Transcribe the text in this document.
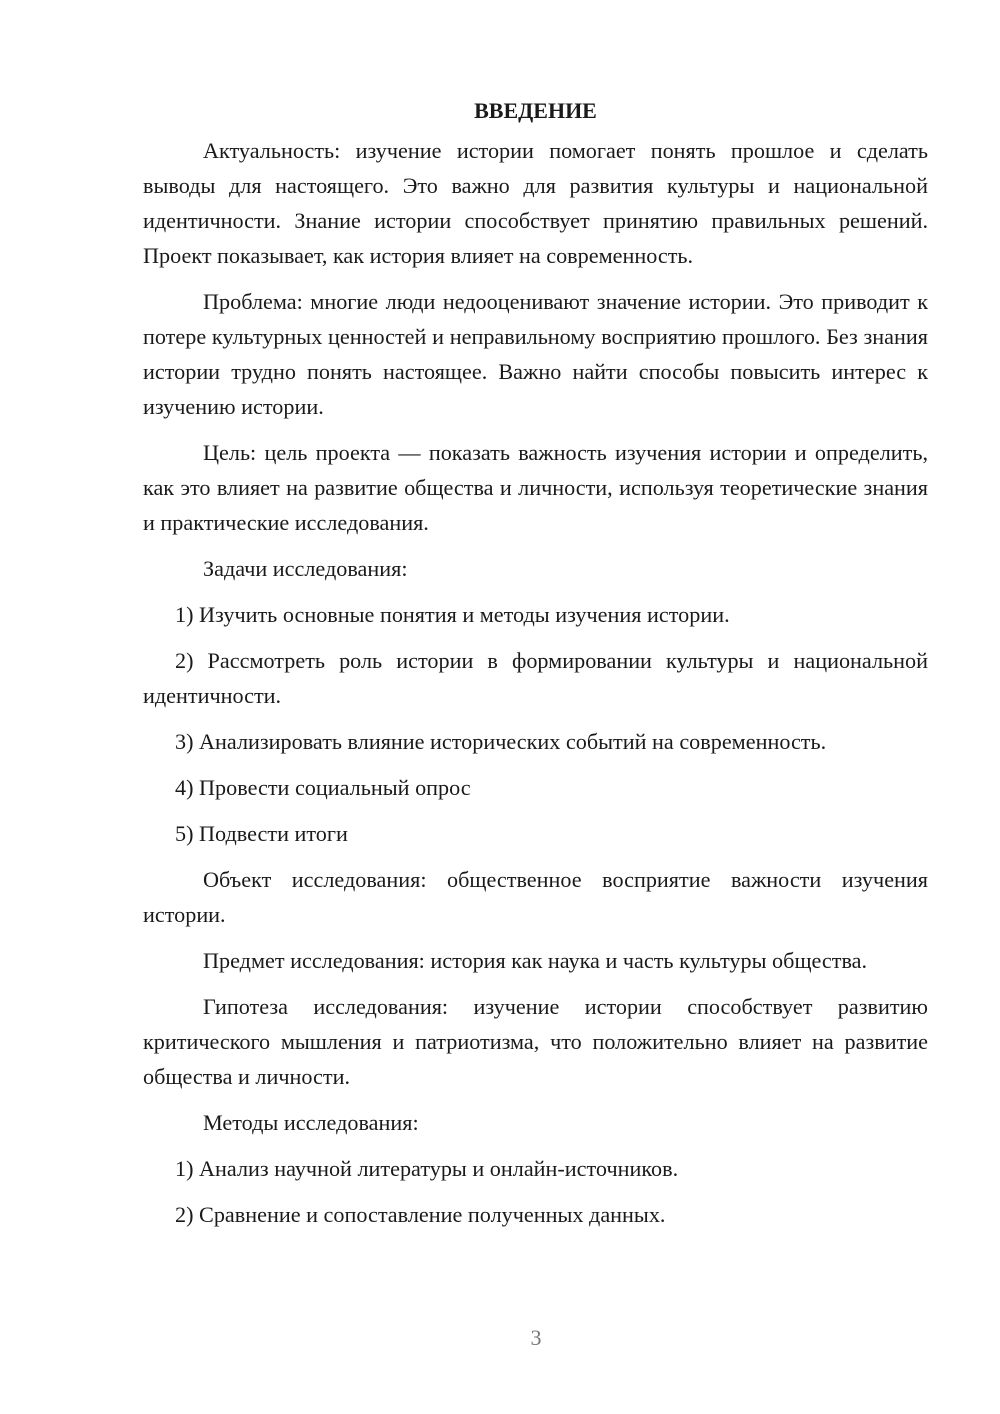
ВВЕДЕНИЕ

Актуальность: изучение истории помогает понять прошлое и сделать выводы для настоящего. Это важно для развития культуры и национальной идентичности. Знание истории способствует принятию правильных решений. Проект показывает, как история влияет на современность.

Проблема: многие люди недооценивают значение истории. Это приводит к потере культурных ценностей и неправильному восприятию прошлого. Без знания истории трудно понять настоящее. Важно найти способы повысить интерес к изучению истории.

Цель: цель проекта — показать важность изучения истории и определить, как это влияет на развитие общества и личности, используя теоретические знания и практические исследования.

Задачи исследования:

1) Изучить основные понятия и методы изучения истории.

2) Рассмотреть роль истории в формировании культуры и национальной идентичности.

3) Анализировать влияние исторических событий на современность.

4) Провести социальный опрос

5) Подвести итоги

Объект исследования: общественное восприятие важности изучения истории.

Предмет исследования: история как наука и часть культуры общества.

Гипотеза исследования: изучение истории способствует развитию критического мышления и патриотизма, что положительно влияет на развитие общества и личности.

Методы исследования:

1) Анализ научной литературы и онлайн-источников.

2) Сравнение и сопоставление полученных данных.

3
